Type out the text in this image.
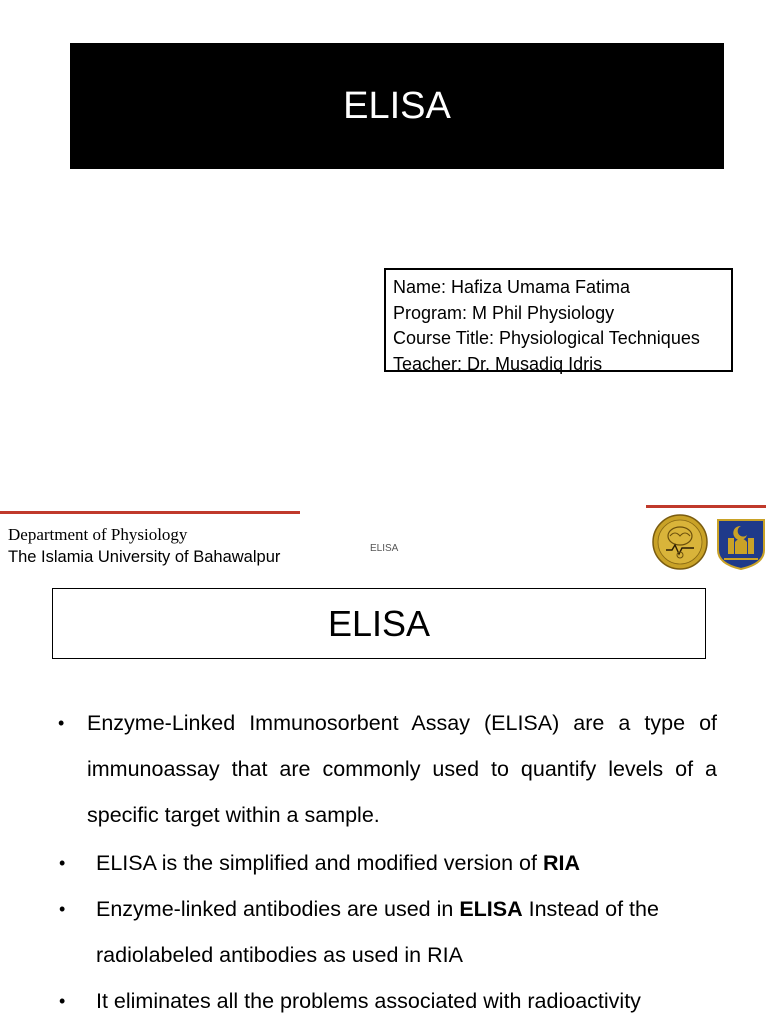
ELISA
Name: Hafiza Umama Fatima
Program: M Phil Physiology
Course Title: Physiological Techniques
Teacher: Dr. Musadiq Idris
Department of Physiology
The Islamia University of Bahawalpur	ELISA
ELISA
• Enzyme-Linked Immunosorbent Assay (ELISA) are a type of immunoassay that are commonly used to quantify levels of a specific target within a sample.
• ELISA is the simplified and modified version of RIA
• Enzyme-linked antibodies are used in ELISA Instead of the radiolabeled antibodies as used in RIA
• It eliminates all the problems associated with radioactivity
